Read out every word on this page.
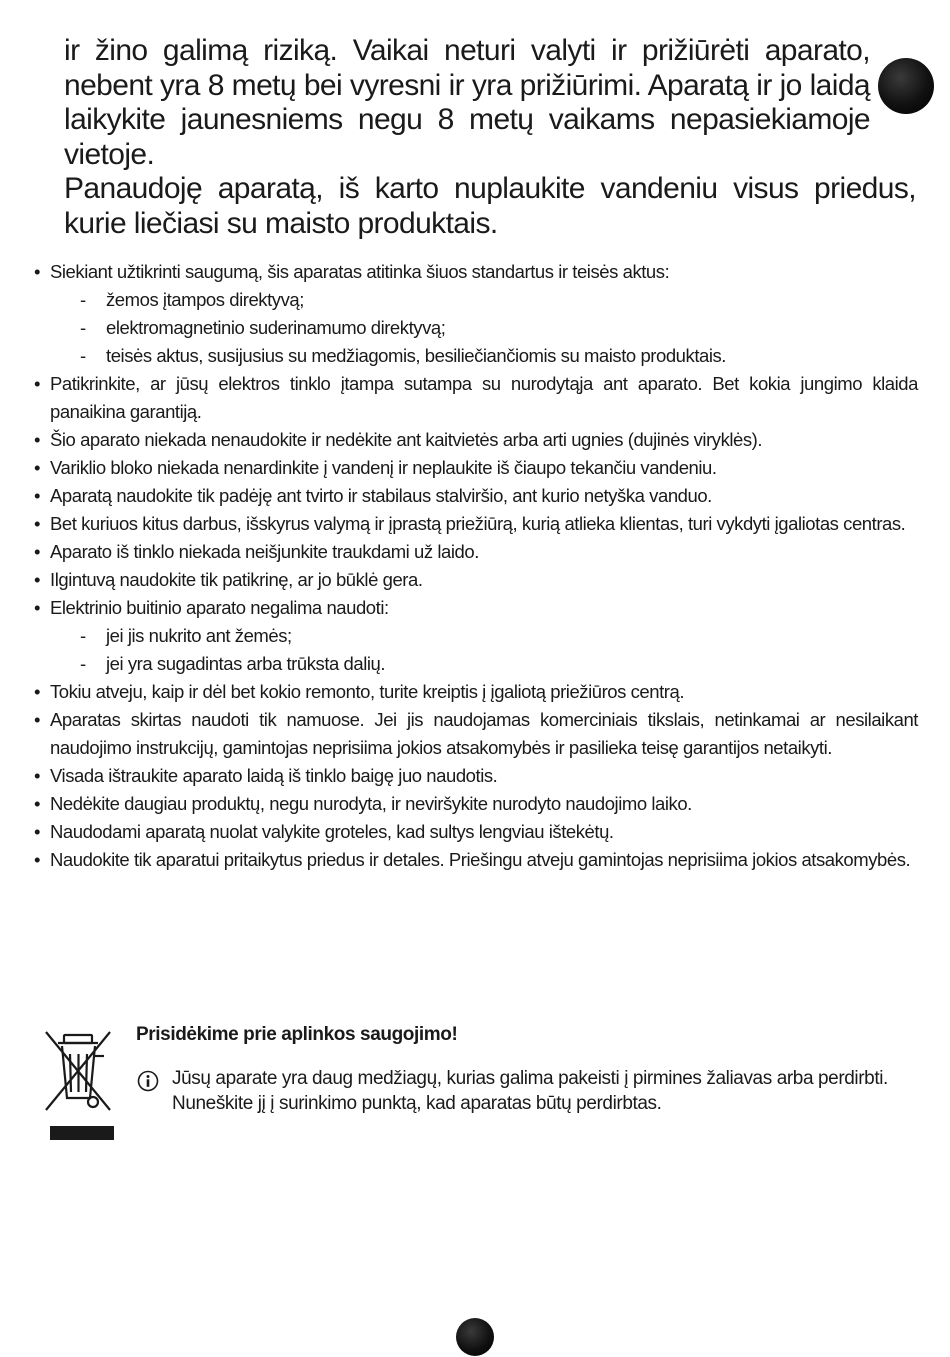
ir žino galimą riziką. Vaikai neturi valyti ir prižiūrėti aparato, nebent yra 8 metų bei vyresni ir yra prižiūrimi. Aparatą ir jo laidą laikykite jaunesniems negu 8 metų vaikams nepasiekiamoje vietoje.

Panaudoję aparatą, iš karto nuplaukite vandeniu visus priedus, kurie liečiasi su maisto produktais.

• Siekiant užtikrinti saugumą, šis aparatas atitinka šiuos standartus ir teisės aktus:
- žemos įtampos direktyvą;
- elektromagnetinio suderinamumo direktyvą;
- teisės aktus, susijusius su medžiagomis, besiliečiančiomis su maisto produktais.
• Patikrinkite, ar jūsų elektros tinklo įtampa sutampa su nurodytąja ant aparato. Bet kokia jungimo klaida panaikina garantiją.
• Šio aparato niekada nenaudokite ir nedėkite ant kaitvietės arba arti ugnies (dujinės viryklės).
• Variklio bloko niekada nenardinkite į vandenį ir neplaukite iš čiaupo tekančiu vandeniu.
• Aparatą naudokite tik padėję ant tvirto ir stabilaus stalviršio, ant kurio netyška vanduo.
• Bet kuriuos kitus darbus, išskyrus valymą ir įprastą priežiūrą, kurią atlieka klientas, turi vykdyti įgaliotas centras.
• Aparato iš tinklo niekada neišjunkite traukdami už laido.
• Ilgintuvą naudokite tik patikrinę, ar jo būklė gera.
• Elektrinio buitinio aparato negalima naudoti:
- jei jis nukrito ant žemės;
- jei yra sugadintas arba trūksta dalių.
• Tokiu atveju, kaip ir dėl bet kokio remonto, turite kreiptis į įgaliotą priežiūros centrą.
• Aparatas skirtas naudoti tik namuose. Jei jis naudojamas komerciniais tikslais, netinkamai ar nesilaikant naudojimo instrukcijų, gamintojas neprisiima jokios atsakomybės ir pasilieka teisę garantijos netaikyti.
• Visada ištraukite aparato laidą iš tinklo baigę juo naudotis.
• Nedėkite daugiau produktų, negu nurodyta, ir neviršykite nurodyto naudojimo laiko.
• Naudodami aparatą nuolat valykite groteles, kad sultys lengviau ištekėtų.
• Naudokite tik aparatui pritaikytus priedus ir detales. Priešingu atveju gamintojas neprisiima jokios atsakomybės.
Prisidėkime prie aplinkos saugojimo!

Jūsų aparate yra daug medžiagų, kurias galima pakeisti į pirmines žaliavas arba perdirbti.

Nuneškite jį į surinkimo punktą, kad aparatas būtų perdirbtas.
